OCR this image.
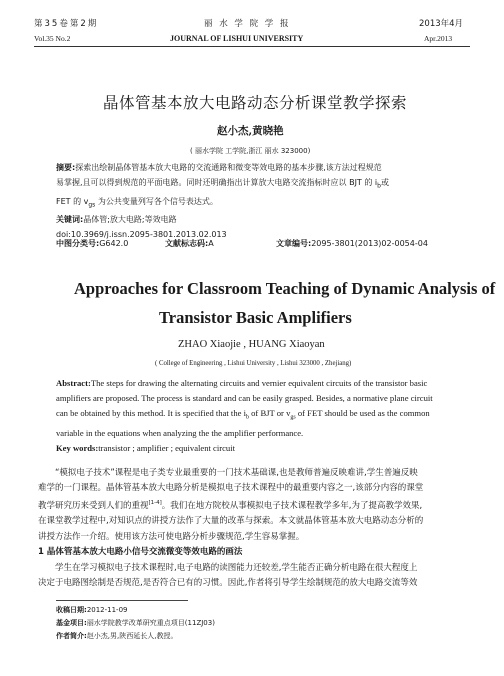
第35卷第2期	丽 水 学 院 学 报	2013年4月
Vol.35 No.2	JOURNAL OF LISHUI UNIVERSITY	Apr.2013
晶体管基本放大电路动态分析课堂教学探索
赵小杰,黄晓艳
( 丽水学院 工学院,浙江 丽水 323000)
摘要:探索出绘制晶体管基本放大电路的交流通路和微变等效电路的基本步骤,该方法过程规范
易掌握,且可以得到规范的平面电路。同时还明确指出计算放大电路交流指标时应以 BJT 的 $i_b$或
FET 的 $v_{gs}$ 为公共变量列写各个信号表达式。
关键词:晶体管;放大电路;等效电路
doi:10.3969/j.issn.2095-3801.2013.02.013
中图分类号:G642.0	文献标志码:A	文章编号:2095-3801(2013)02-0054-04
Approaches for Classroom Teaching of Dynamic Analysis of
Transistor Basic Amplifiers
ZHAO Xiaojie , HUANG Xiaoyan
( College of Engineering , Lishui University , Lishui 323000 , Zhejiang)
Abstract:The steps for drawing the alternating circuits and vernier equivalent circuits of the transistor basic
amplifiers are proposed. The process is standard and can be easily grasped. Besides, a normative plane circuit
can be obtained by this method. It is specified that the $i_b$ of BJT or $v_{gs}$ of FET should be used as the common
variable in the equations when analyzing the the amplifier performance.
Key words:transistor ; amplifier ; equivalent circuit
“模拟电子技术”课程是电子类专业最重要的一门技术基础课,也是教师普遍反映难讲,学生普遍反映
难学的一门课程。晶体管基本放大电路分析是模拟电子技术课程中的最重要内容之一,该部分内容的课堂
教学研究历来受到人们的重视[1-4]。我们在地方院校从事模拟电子技术课程教学多年,为了提高教学效果,
在课堂教学过程中,对知识点的讲授方法作了大量的改革与探索。本文就晶体管基本放大电路动态分析的
讲授方法作一介绍。使用该方法可使电路分析步骤规范,学生容易掌握。
1 晶体管基本放大电路小信号交流微变等效电路的画法
学生在学习模拟电子技术课程时,电子电路的读图能力还较差,学生能否正确分析电路在很大程度上
决定于电路图绘制是否规范,是否符合已有的习惯。因此,作者将引导学生绘制规范的放大电路交流等效
收稿日期:2012-11-09
基金项目:丽水学院教学改革研究重点项目(11ZJ03)
作者简介:赵小杰,男,陕西延长人,教授。
